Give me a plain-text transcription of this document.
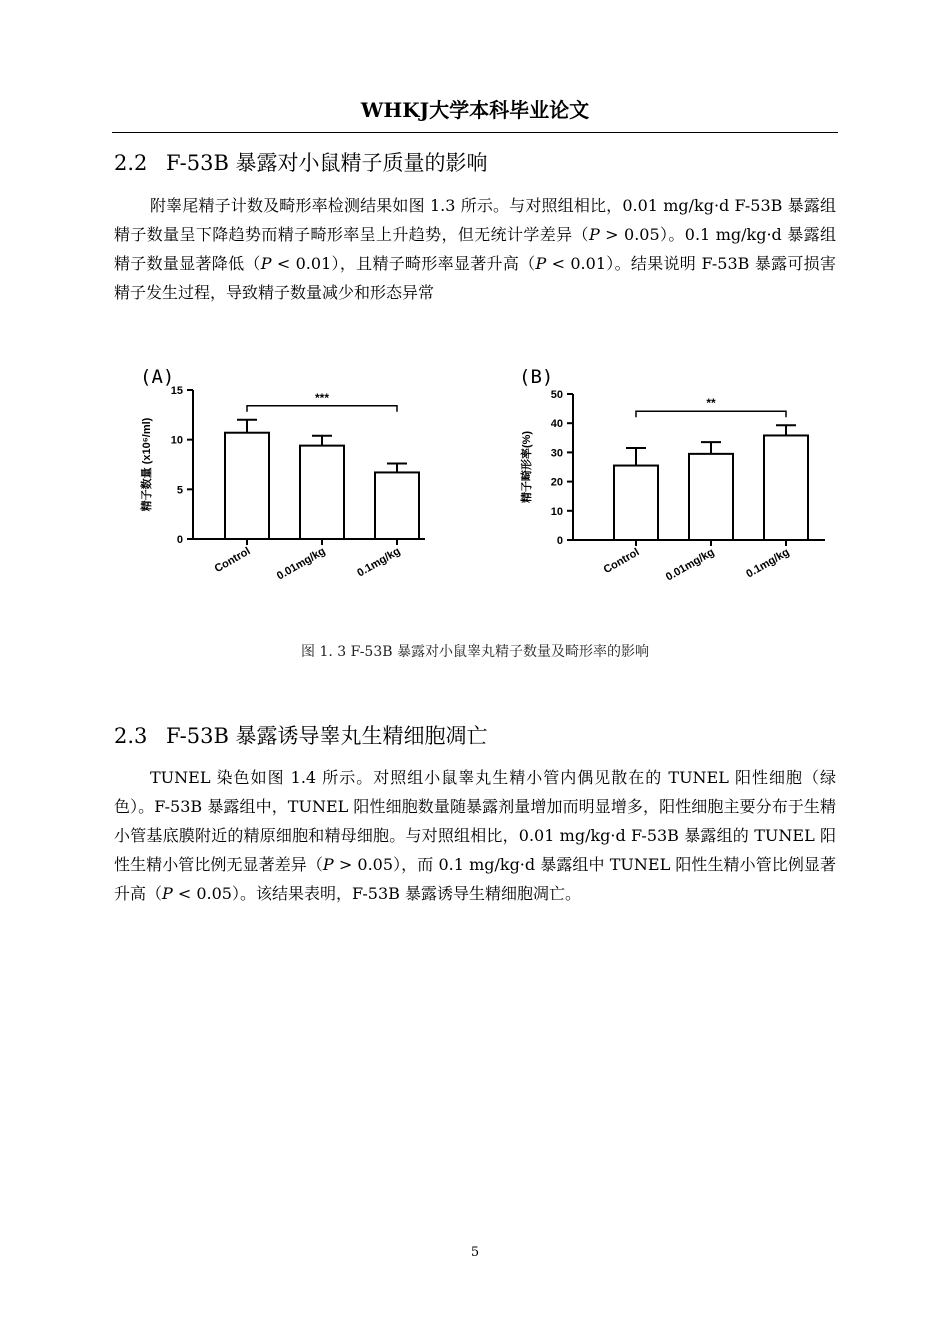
WHKJ大学本科毕业论文
2.2 F-53B 暴露对小鼠精子质量的影响

附睾尾精子计数及畸形率检测结果如图 1.3 所示。与对照组相比，0.01 mg/kg·d F-53B 暴露组精子数量呈下降趋势而精子畸形率呈上升趋势，但无统计学差异（P > 0.05）。0.1 mg/kg·d 暴露组精子数量显著降低（P < 0.01），且精子畸形率显著升高（P < 0.01）。结果说明 F-53B 暴露可损害精子发生过程，导致精子数量减少和形态异常

(A)	(B)
0
5
10
15
精子数量 (x10⁶/ml)
Control 0.01mg/kg	0.1mg/kg
***
0
10
20
30
40
50
精子畸形率(%)
Control 0.01mg/kg	0.1mg/kg
**
图 1. 3 F-53B 暴露对小鼠睾丸精子数量及畸形率的影响
2.3 F-53B 暴露诱导睾丸生精细胞凋亡

TUNEL 染色如图 1.4 所示。对照组小鼠睾丸生精小管内偶见散在的 TUNEL 阳性细胞（绿色）。F-53B 暴露组中，TUNEL 阳性细胞数量随暴露剂量增加而明显增多，阳性细胞主要分布于生精小管基底膜附近的精原细胞和精母细胞。与对照组相比，0.01 mg/kg·d F-53B 暴露组的 TUNEL 阳性生精小管比例无显著差异（P > 0.05），而 0.1 mg/kg·d 暴露组中 TUNEL 阳性生精小管比例显著升高（P < 0.05）。该结果表明，F-53B 暴露诱导生精细胞凋亡。

5
